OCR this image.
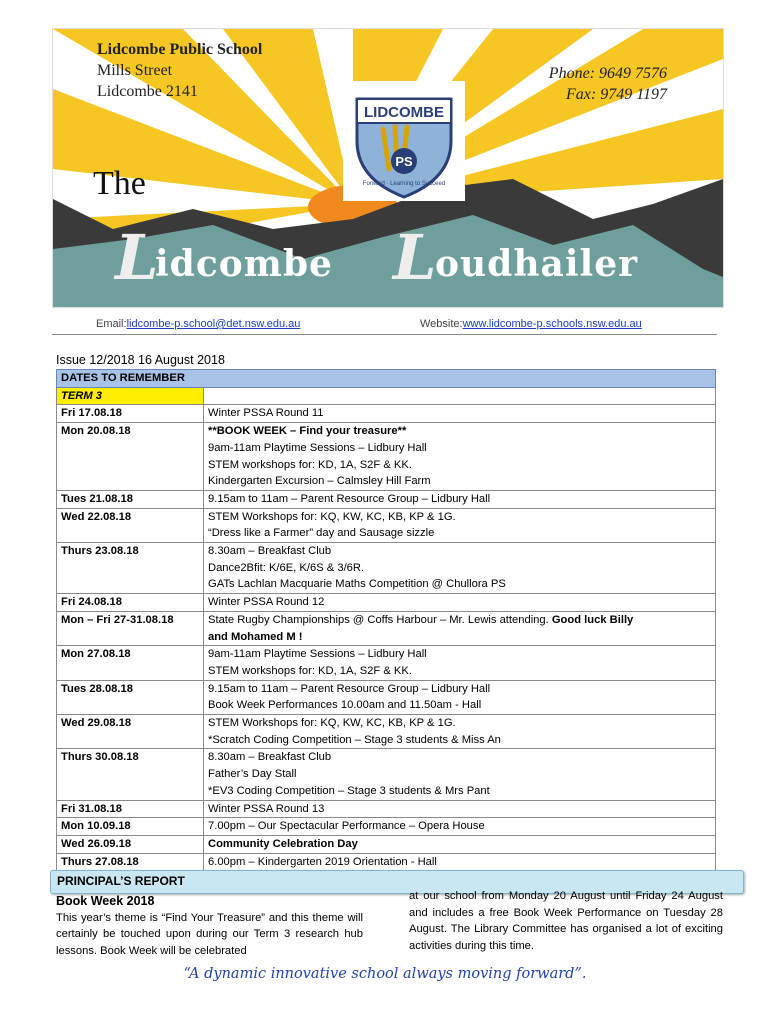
Lidcombe Public School
Mills Street
Lidcombe 2141
Phone: 9649 7576
Fax: 9749 1197
LIDCOMBE
PS
Forward · Learning to Succeed
The
L
idcombe L
oudhailer
Email:lidcombe-p.school@det.nsw.edu.au	Website:www.lidcombe-p.schools.nsw.edu.au
Issue 12/2018 16 August 2018
DATES TO REMEMBER	
TERM 3	
Fri 17.08.18	Winter PSSA Round 11

Mon 20.08.18	**BOOK WEEK – Find your treasure**
9am-11am Playtime Sessions – Lidbury Hall
STEM workshops for: KD, 1A, S2F & KK.
Kindergarten Excursion – Calmsley Hill Farm

Tues 21.08.18	9.15am to 11am – Parent Resource Group – Lidbury Hall

Wed 22.08.18	STEM Workshops for: KQ, KW, KC, KB, KP & 1G.
“Dress like a Farmer” day and Sausage sizzle

Thurs 23.08.18	8.30am – Breakfast Club
Dance2Bfit: K/6E, K/6S & 3/6R.
GATs Lachlan Macquarie Maths Competition @ Chullora PS

Fri 24.08.18	Winter PSSA Round 12

Mon – Fri 27-31.08.18	State Rugby Championships @ Coffs Harbour – Mr. Lewis attending. Good luck Billy
and Mohamed M !

Mon 27.08.18	9am-11am Playtime Sessions – Lidbury Hall
STEM workshops for: KD, 1A, S2F & KK.

Tues 28.08.18	9.15am to 11am – Parent Resource Group – Lidbury Hall
Book Week Performances 10.00am and 11.50am - Hall

Wed 29.08.18	STEM Workshops for: KQ, KW, KC, KB, KP & 1G.
*Scratch Coding Competition – Stage 3 students & Miss An

Thurs 30.08.18	8.30am – Breakfast Club
Father’s Day Stall
*EV3 Coding Competition – Stage 3 students & Mrs Pant

Fri 31.08.18	Winter PSSA Round 13

Mon 10.09.18	7.00pm – Our Spectacular Performance – Opera House

Wed 26.09.18	Community Celebration Day

Thurs 27.08.18	6.00pm – Kindergarten 2019 Orientation - Hall
PRINCIPAL’S REPORT
Book Week 2018
This year’s theme is “Find Your Treasure” and this theme will certainly be touched upon during our Term 3 research hub lessons. Book Week will be celebrated
at our school from Monday 20 August until Friday 24 August and includes a free Book Week Performance on Tuesday 28 August. The Library Committee has organised a lot of exciting activities during this time.
“A dynamic innovative school always moving forward”.
